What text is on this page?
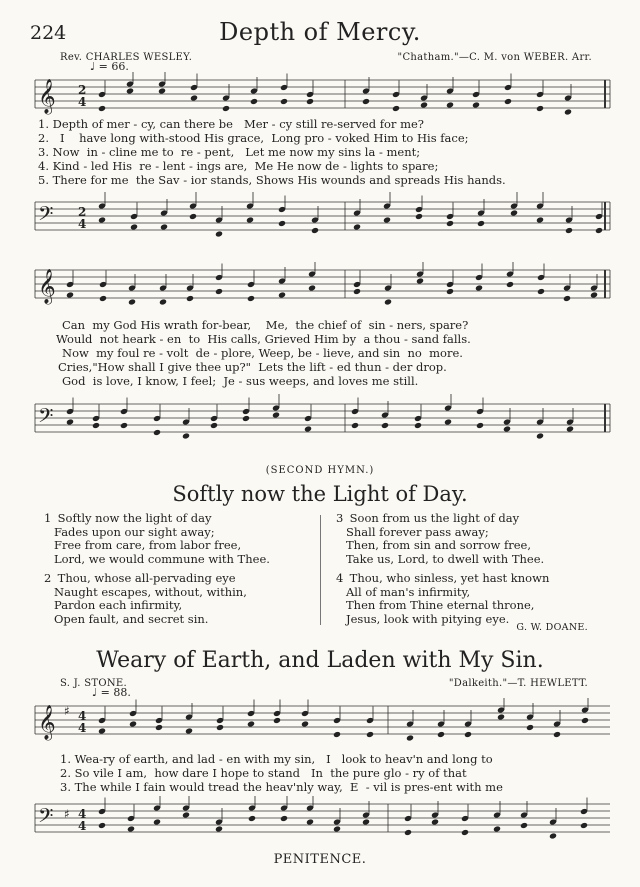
224	Depth of Mercy.
Rev. CHARLES WESLEY.	"Chatham."—C. M. von WEBER. Arr.
♩ = 66.
𝄞 2
4
1. Depth of mer - cy, can there be   Mer - cy still re-served for me?
2.   I    have long with-stood His grace,  Long pro - voked Him to His face;
3. Now  in - cline me to  re - pent,   Let me now my sins la - ment;
4. Kind - led His  re - lent - ings are,  Me He now de - lights to spare;
5. There for me  the Sav - ior stands, Shows His wounds and spreads His hands.
𝄢 2
4
𝄞
Can  my God His wrath for-bear,    Me,  the chief of  sin - ners, spare?
Would  not heark - en  to  His calls, Grieved Him by  a thou - sand falls.
Now  my foul re - volt  de - plore, Weep, be - lieve, and sin  no  more.
Cries,"How shall I give thee up?"  Lets the lift - ed thun - der drop.
God  is love, I know, I feel;  Je - sus weeps, and loves me still.
𝄢
(SECOND HYMN.)
Softly now the Light of Day.
1 Softly now the light of day
Fades upon our sight away;
Free from care, from labor free,
Lord, we would commune with Thee.
2 Thou, whose all-pervading eye
Naught escapes, without, within,
Pardon each infirmity,
Open fault, and secret sin.
3 Soon from us the light of day
Shall forever pass away;
Then, from sin and sorrow free,
Take us, Lord, to dwell with Thee.
4 Thou, who sinless, yet hast known
All of man's infirmity,
Then from Thine eternal throne,
Jesus, look with pitying eye.
G. W. DOANE.
Weary of Earth, and Laden with My Sin.
S. J. STONE.	"Dalkeith."—T. HEWLETT.
♩ = 88.
𝄞 ♯ 4
4
1. Wea-ry of earth, and lad - en with my sin,   I   look to heav'n and long to
2. So vile I am,  how dare I hope to stand   In  the pure glo - ry of that
3. The while I fain would tread the heav'nly way,  E  - vil is pres-ent with me
𝄢 ♯ 4
4
PENITENCE.
